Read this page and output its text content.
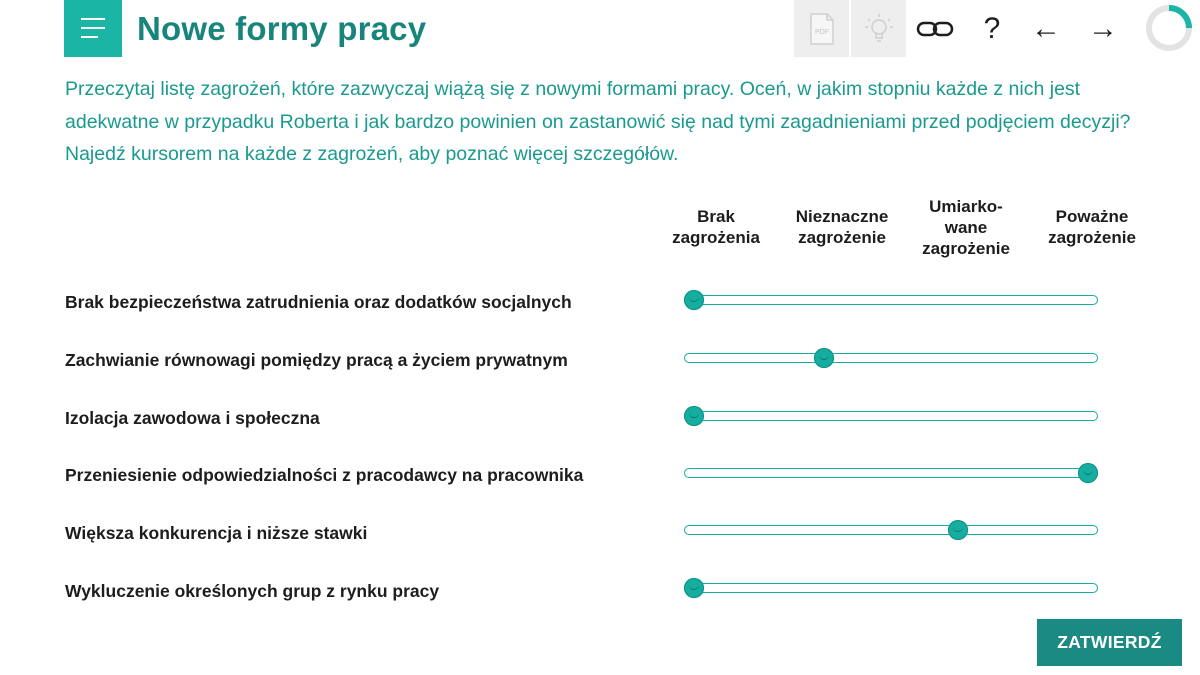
Nowe formy pracy	PDF	? ← →
Przeczytaj listę zagrożeń, które zazwyczaj wiążą się z nowymi formami pracy. Oceń, w jakim stopniu każde z nich jest adekwatne w przypadku Roberta i jak bardzo powinien on zastanowić się nad tymi zagadnieniami przed podjęciem decyzji? Najedź kursorem na każde z zagrożeń, aby poznać więcej szczegółów.
Brak
zagrożenia
Nieznaczne
zagrożenie
Umiarko-
wane
zagrożenie
Poważne
zagrożenie
Brak bezpieczeństwa zatrudnienia oraz dodatków socjalnych
Zachwianie równowagi pomiędzy pracą a życiem prywatnym
Izolacja zawodowa i społeczna
Przeniesienie odpowiedzialności z pracodawcy na pracownika
Większa konkurencja i niższe stawki
Wykluczenie określonych grup z rynku pracy
ZATWIERDŹ
